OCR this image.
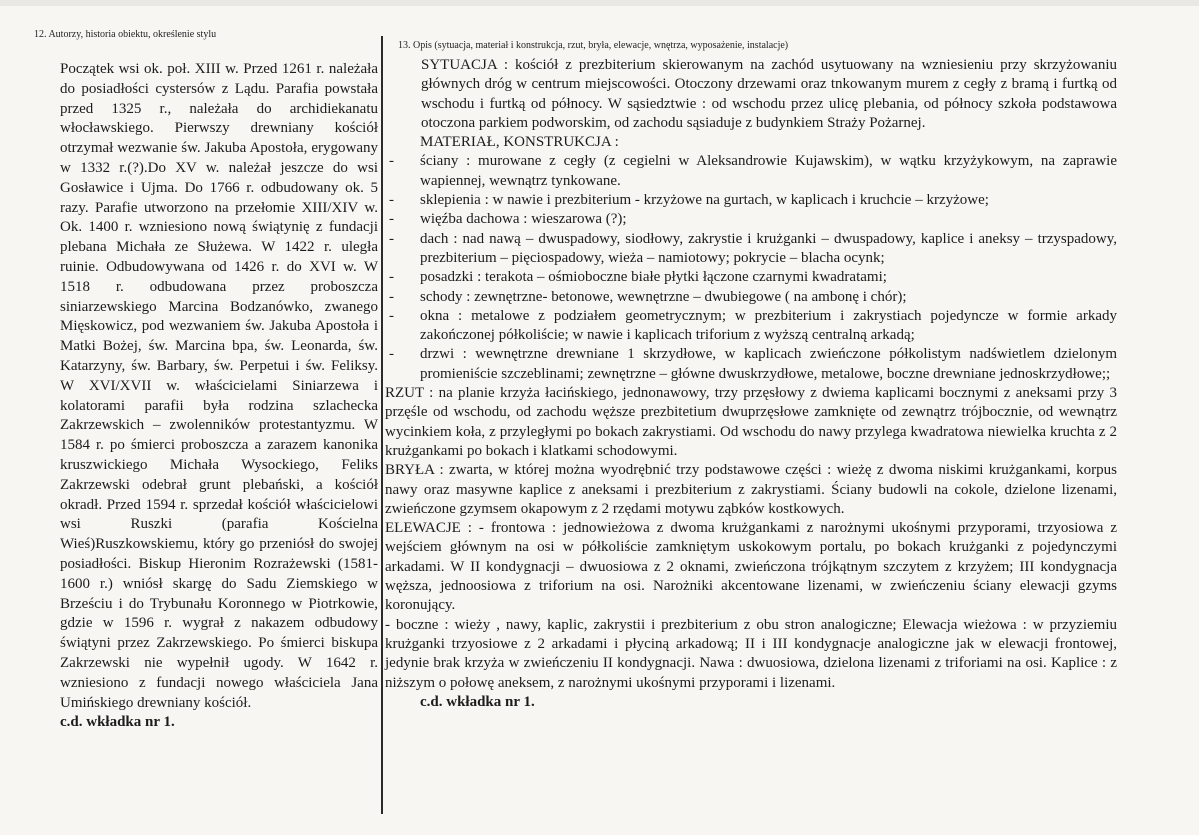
12. Autorzy, historia obiektu, określenie stylu
13. Opis (sytuacja, materiał i konstrukcja, rzut, bryła, elewacje, wnętrza, wyposażenie, instalacje)

Początek wsi ok. poł. XIII w. Przed 1261 r. należała do posiadłości cystersów z Lądu. Parafia powstała przed 1325 r., należała do archidiekanatu włocławskiego. Pierwszy drewniany kościół otrzymał wezwanie św. Jakuba Apostoła, erygowany w 1332 r.(?).Do XV w. należał jeszcze do wsi Gosławice i Ujma. Do 1766 r. odbudowany ok. 5 razy. Parafie utworzono na przełomie XIII/XIV w. Ok. 1400 r. wzniesiono nową świątynię z fundacji plebana Michała ze Służewa. W 1422 r. uległa ruinie. Odbudowywana od 1426 r. do XVI w. W 1518 r. odbudowana przez proboszcza siniarzewskiego Marcina Bodzanówko, zwanego Mięskowicz, pod wezwaniem św. Jakuba Apostoła i Matki Bożej, św. Marcina bpa, św. Leonarda, św. Katarzyny, św. Barbary, św. Perpetui i św. Feliksy. W XVI/XVII w. właścicielami Siniarzewa i kolatorami parafii była rodzina szlachecka Zakrzewskich – zwolenników protestantyzmu. W 1584 r. po śmierci proboszcza a zarazem kanonika kruszwickiego Michała Wysockiego, Feliks Zakrzewski odebrał grunt plebański, a kościół okradł. Przed 1594 r. sprzedał kościół właścicielowi wsi Ruszki (parafia Kościelna Wieś)Ruszkowskiemu, który go przeniósł do swojej posiadłości. Biskup Hieronim Rozrażewski (1581-1600 r.) wniósł skargę do Sadu Ziemskiego w Brześciu i do Trybunału Koronnego w Piotrkowie, gdzie w 1596 r. wygrał z nakazem odbudowy świątyni przez Zakrzewskiego. Po śmierci biskupa Zakrzewski nie wypełnił ugody. W 1642 r. wzniesiono z fundacji nowego właściciela Jana Umińskiego drewniany kościół.

c.d. wkładka nr 1.

SYTUACJA : kościół z prezbiterium skierowanym na zachód usytuowany na wzniesieniu przy skrzyżowaniu głównych dróg w centrum miejscowości. Otoczony drzewami oraz tnkowanym murem z cegły z bramą i furtką od wschodu i furtką od północy. W sąsiedztwie : od wschodu przez ulicę plebania, od północy szkoła podstawowa otoczona parkiem podworskim, od zachodu sąsiaduje z budynkiem Straży Pożarnej.

MATERIAŁ, KONSTRUKCJA :

-	ściany : murowane z cegły (z cegielni w Aleksandrowie Kujawskim), w wątku krzyżykowym, na zaprawie wapiennej, wewnątrz tynkowane.
-	sklepienia : w nawie i prezbiterium - krzyżowe na gurtach, w kaplicach i kruchcie – krzyżowe;
-	więźba dachowa : wieszarowa (?);
-	dach : nad nawą – dwuspadowy, siodłowy, zakrystie i krużganki – dwuspadowy, kaplice i aneksy – trzyspadowy, prezbiterium – pięciospadowy, wieża – namiotowy; pokrycie – blacha ocynk;
-	posadzki : terakota – ośmioboczne białe płytki łączone czarnymi kwadratami;
-	schody : zewnętrzne- betonowe, wewnętrzne – dwubiegowe ( na ambonę i chór);
-	okna : metalowe z podziałem geometrycznym; w prezbiterium i zakrystiach pojedyncze w formie arkady zakończonej półkoliście; w nawie i kaplicach triforium z wyższą centralną arkadą;
-	drzwi : wewnętrzne drewniane 1 skrzydłowe, w kaplicach zwieńczone półkolistym nadświetlem dzielonym promieniście szczeblinami; zewnętrzne – główne dwuskrzydłowe, metalowe, boczne drewniane jednoskrzydłowe;;

RZUT : na planie krzyża łacińskiego, jednonawowy, trzy przęsłowy z dwiema kaplicami bocznymi z aneksami przy 3 przęśle od wschodu, od zachodu węższe prezbitetium dwuprzęsłowe zamknięte od zewnątrz trójbocznie, od wewnątrz wycinkiem koła, z przyległymi po bokach zakrystiami. Od wschodu do nawy przylega kwadratowa niewielka kruchta z 2 krużgankami po bokach i klatkami schodowymi.

BRYŁA : zwarta, w której można wyodrębnić trzy podstawowe części : wieżę z dwoma niskimi krużgankami, korpus nawy oraz masywne kaplice z aneksami i prezbiterium z zakrystiami. Ściany budowli na cokole, dzielone lizenami, zwieńczone gzymsem okapowym z 2 rzędami motywu ząbków kostkowych.

ELEWACJE : - frontowa : jednowieżowa z dwoma krużgankami z narożnymi ukośnymi przyporami, trzyosiowa z wejściem głównym na osi w półkoliście zamkniętym uskokowym portalu, po bokach krużganki z pojedynczymi arkadami. W II kondygnacji – dwuosiowa z 2 oknami, zwieńczona trójkątnym szczytem z krzyżem; III kondygnacja węższa, jednoosiowa z triforium na osi. Narożniki akcentowane lizenami, w zwieńczeniu ściany elewacji gzyms koronujący.

- boczne : wieży , nawy, kaplic, zakrystii i prezbiterium z obu stron analogiczne; Elewacja wieżowa : w przyziemiu krużganki trzyosiowe z 2 arkadami i płyciną arkadową; II i III kondygnacje analogiczne jak w elewacji frontowej, jedynie brak krzyża w zwieńczeniu II kondygnacji. Nawa : dwuosiowa, dzielona lizenami z triforiami na osi. Kaplice : z niższym o połowę aneksem, z narożnymi ukośnymi przyporami i lizenami.

c.d. wkładka nr 1.
